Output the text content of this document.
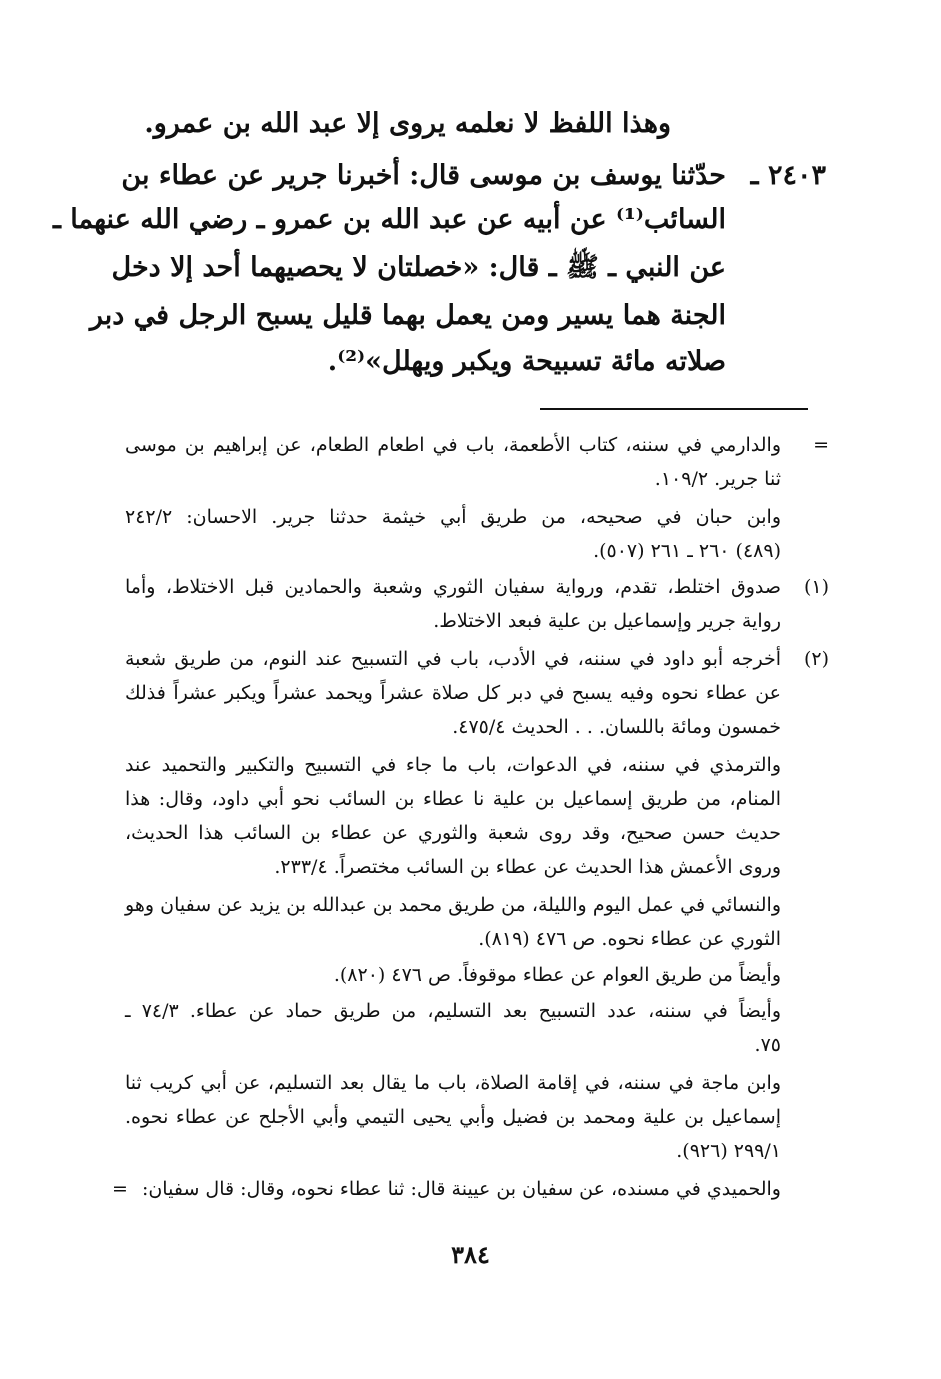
وهذا اللفظ لا نعلمه يروى إلا عبد الله بن عمرو.
٢٤٠٣ ـ
حدّثنا يوسف بن موسى قال: أخبرنا جرير عن عطاء بن
السائب⁽¹⁾ عن أبيه عن عبد الله بن عمرو ـ رضي الله عنهما ـ
عن النبي ـ ﷺ ـ قال: «خصلتان لا يحصيهما أحد إلا دخل
الجنة هما يسير ومن يعمل بهما قليل يسبح الرجل في دبر
صلاته مائة تسبيحة ويكبر ويهلل»⁽²⁾.
=
والدارمي في سننه، كتاب الأطعمة، باب في اطعام الطعام، عن إبراهيم بن موسى
ثنا جرير. ١٠٩/٢.
وابن حبان في صحيحه، من طريق أبي خيثمة حدثنا جرير. الاحسان: ٢٤٢/٢
(٤٨٩) ٢٦٠ ـ ٢٦١ (٥٠٧).
(١)
صدوق اختلط، تقدم، ورواية سفيان الثوري وشعبة والحمادين قبل الاختلاط، وأما
رواية جرير وإسماعيل بن علية فبعد الاختلاط.
(٢)
أخرجه أبو داود في سننه، في الأدب، باب في التسبيح عند النوم، من طريق شعبة
عن عطاء نحوه وفيه يسبح في دبر كل صلاة عشراً ويحمد عشراً ويكبر عشراً فذلك
خمسون ومائة باللسان. . . الحديث ٤٧٥/٤.
والترمذي في سننه، في الدعوات، باب ما جاء في التسبيح والتكبير والتحميد عند
المنام، من طريق إسماعيل بن علية نا عطاء بن السائب نحو أبي داود، وقال: هذا
حديث حسن صحيح، وقد روى شعبة والثوري عن عطاء بن السائب هذا الحديث،
وروى الأعمش هذا الحديث عن عطاء بن السائب مختصراً. ٢٣٣/٤.
والنسائي في عمل اليوم والليلة، من طريق محمد بن عبدالله بن يزيد عن سفيان وهو
الثوري عن عطاء نحوه. ص ٤٧٦ (٨١٩).
وأيضاً من طريق العوام عن عطاء موقوفاً. ص ٤٧٦ (٨٢٠).
وأيضاً في سننه، عدد التسبيح بعد التسليم، من طريق حماد عن عطاء. ٧٤/٣ ـ
٧٥.
وابن ماجة في سننه، في إقامة الصلاة، باب ما يقال بعد التسليم، عن أبي كريب ثنا
إسماعيل بن علية ومحمد بن فضيل وأبي يحيى التيمي وأبي الأجلح عن عطاء نحوه.
٢٩٩/١ (٩٢٦).
والحميدي في مسنده، عن سفيان بن عيينة قال: ثنا عطاء نحوه، وقال: قال سفيان:
=
٣٨٤
